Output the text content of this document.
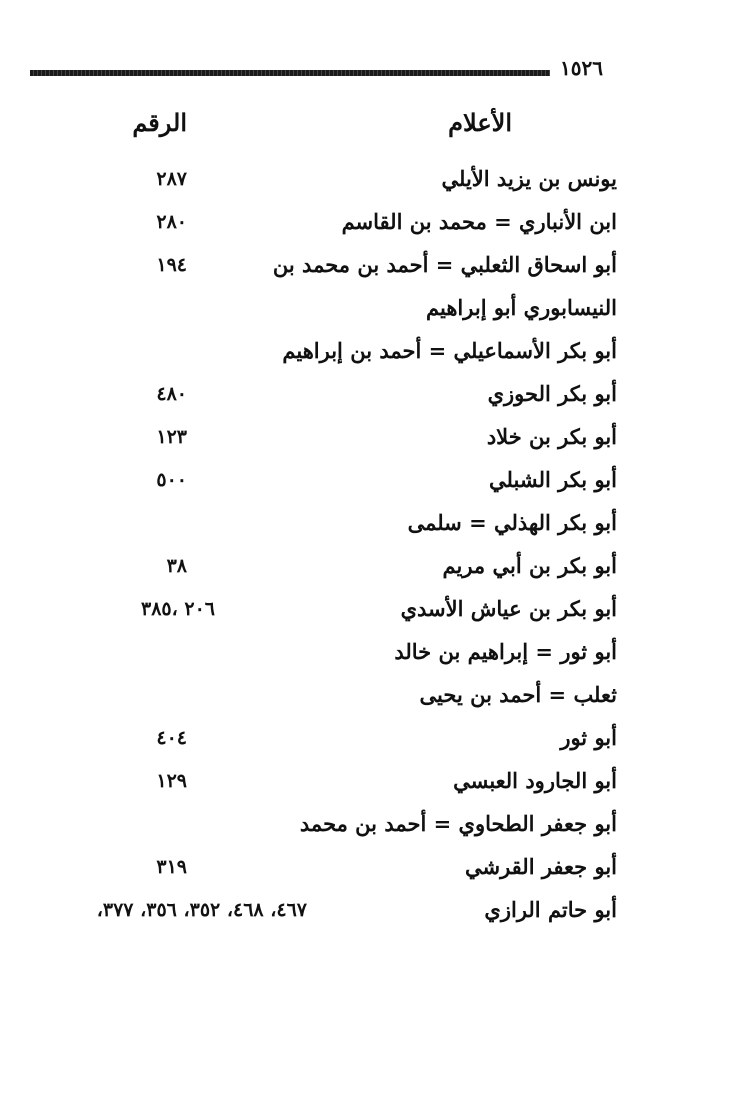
١٥٢٦
الأعلام
الرقم
يونس بن يزيد الأيلي
٢٨٧
ابن الأنباري = محمد بن القاسم
٢٨٠
أبو اسحاق الثعلبي = أحمد بن محمد بن
١٩٤
النيسابوري أبو إبراهيم
أبو بكر الأسماعيلي = أحمد بن إبراهيم
أبو بكر الحوزي
٤٨٠
أبو بكر بن خلاد
١٢٣
أبو بكر الشبلي
٥٠٠
أبو بكر الهذلي = سلمى
أبو بكر بن أبي مريم
٣٨
أبو بكر بن عياش الأسدي
٢٠٦ ،٣٨٥
أبو ثور = إبراهيم بن خالد
ثعلب = أحمد بن يحيى
أبو ثور
٤٠٤
أبو الجارود العبسي
١٢٩
أبو جعفر الطحاوي = أحمد بن محمد
أبو جعفر القرشي
٣١٩
أبو حاتم الرازي
٤٦٧، ٤٦٨، ٣٥٢، ٣٥٦، ٣٧٧،
